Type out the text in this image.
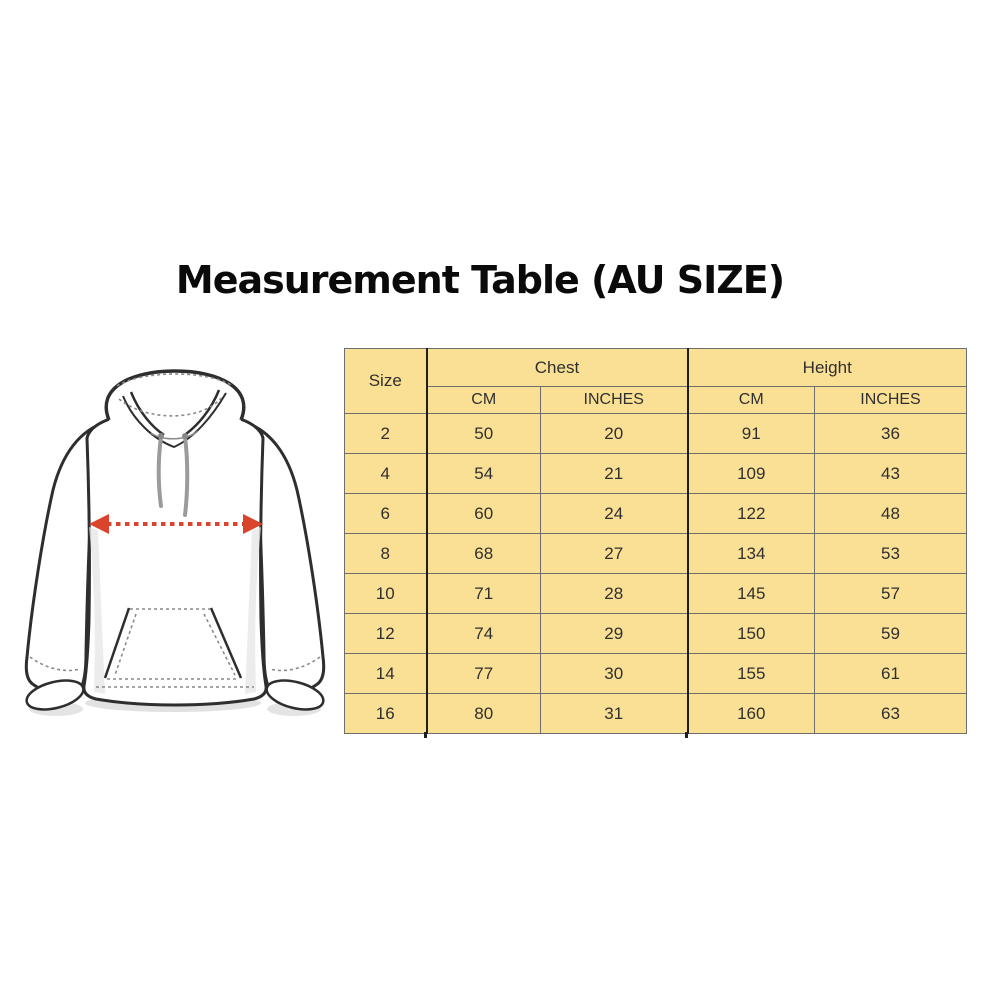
Measurement Table (AU SIZE)
Size	Chest		Height	
	CM	INCHES	CM	INCHES
2	50	20	91	36
4	54	21	109	43
6	60	24	122	48
8	68	27	134	53
10	71	28	145	57
12	74	29	150	59
14	77	30	155	61
16	80	31	160	63
